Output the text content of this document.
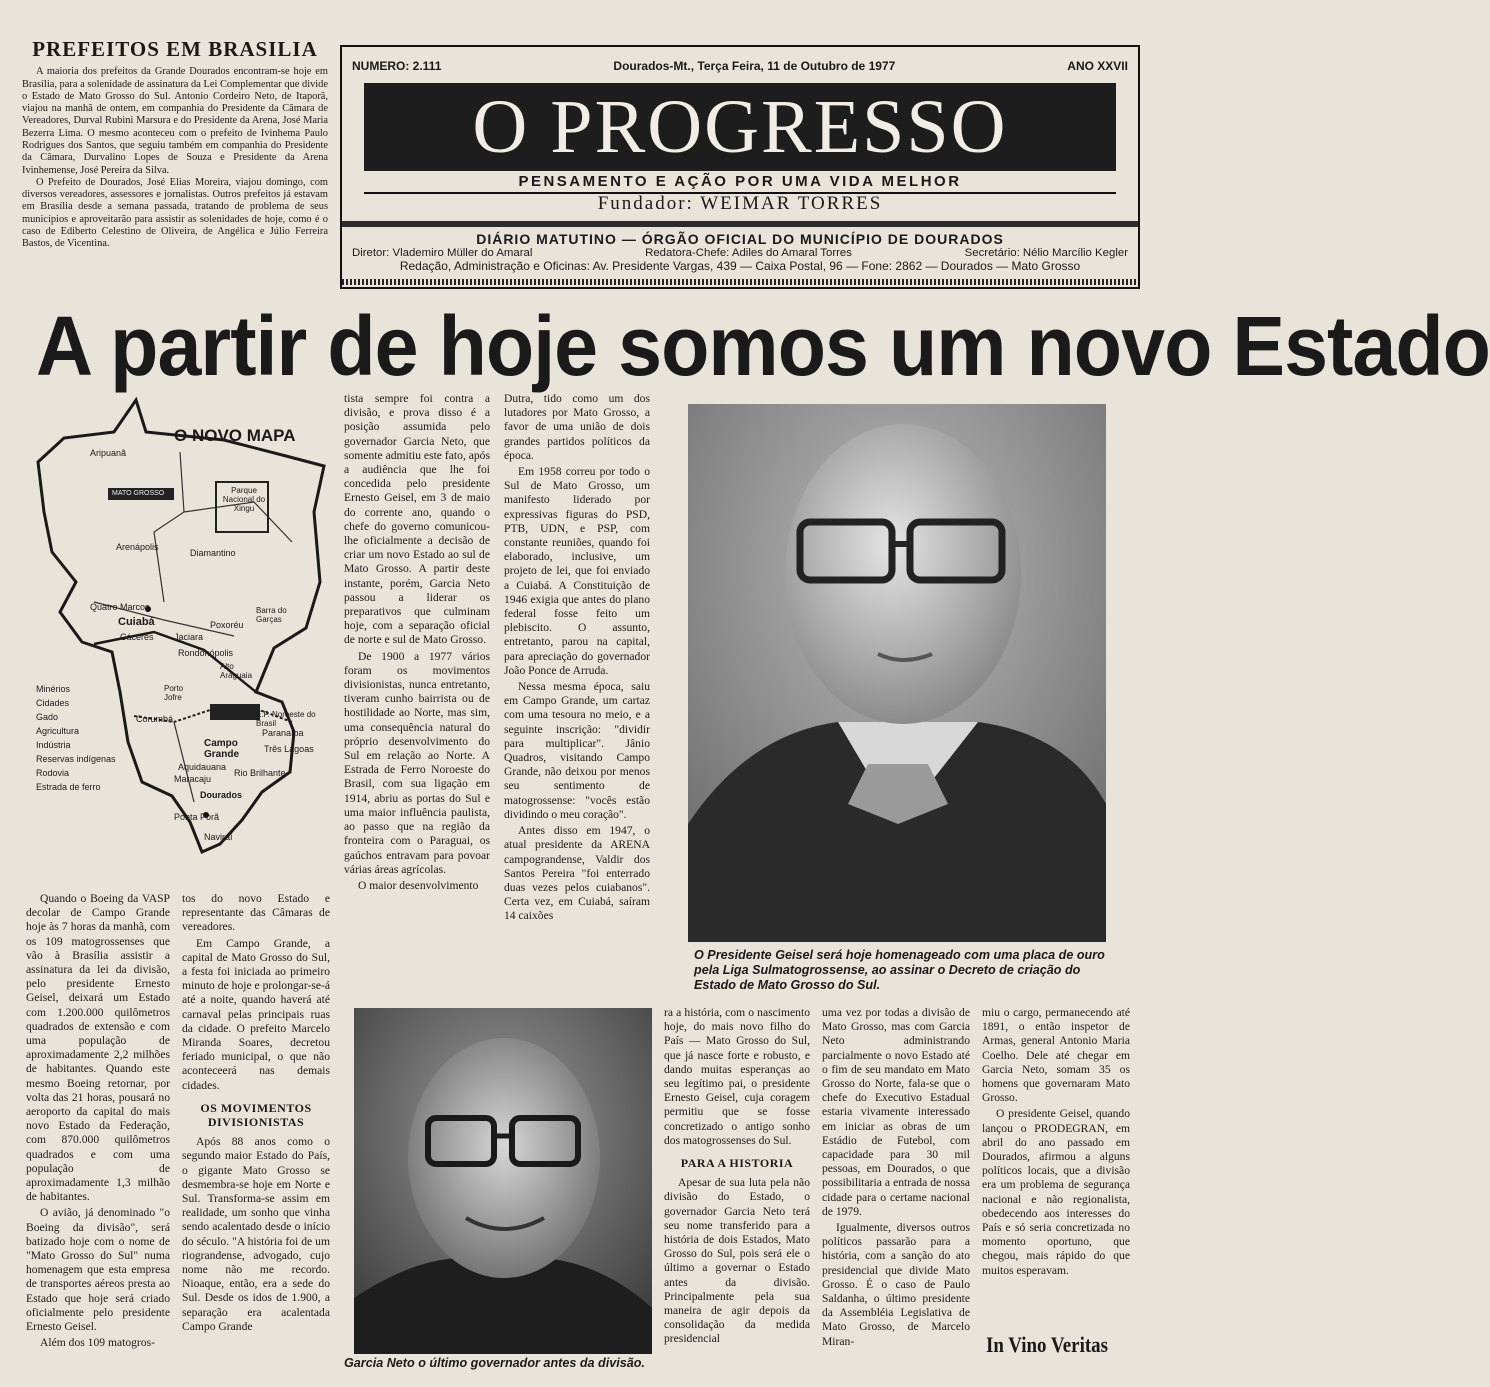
PREFEITOS EM BRASILIA

A maioria dos prefeitos da Grande Dourados encontram-se hoje em Brasília, para a solenidade de assinatura da Lei Complementar que divide o Estado de Mato Grosso do Sul. Antonio Cordeiro Neto, de Itaporã, viajou na manhã de ontem, em companhia do Presidente da Câmara de Vereadores, Durval Rubini Marsura e do Presidente da Arena, José Maria Bezerra Lima. O mesmo aconteceu com o prefeito de Ivinhema Paulo Rodrigues dos Santos, que seguiu também em companhia do Presidente da Câmara, Durvalino Lopes de Souza e Presidente da Arena Ivinhemense, José Pereira da Silva.

O Prefeito de Dourados, José Elias Moreira, viajou domingo, com diversos vereadores, assessores e jornalistas. Outros prefeitos já estavam em Brasília desde a semana passada, tratando de problema de seus municípios e aproveitarão para assistir as solenidades de hoje, como é o caso de Ediberto Celestino de Oliveira, de Angélica e Júlio Ferreira Bastos, de Vicentina.

NUMERO: 2.111	Dourados-Mt., Terça Feira, 11 de Outubro de 1977	ANO XXVII
O PROGRESSO
PENSAMENTO E AÇÃO POR UMA VIDA MELHOR
Fundador: WEIMAR TORRES
DIÁRIO MATUTINO — ÓRGÃO OFICIAL DO MUNICÍPIO DE DOURADOS
Diretor: Vlademiro Müller do Amaral	Redatora-Chefe: Adiles do Amaral Torres	Secretário: Nélio Marcílio Kegler
Redação, Administração e Oficinas: Av. Presidente Vargas, 439 — Caixa Postal, 96 — Fone: 2862 — Dourados — Mato Grosso
A partir de hoje somos um novo Estado
O NOVO MAPA
Aripuanã
MATO GROSSO	Parque Nacional do Xingu
Arenápolis
Diamantino
Quatro Marcos
Cuiabá
Barra do Garças
Cáceres Jaciara
Poxoréu
Rondonópolis
Alto Araguaia
Porto Jofre
Corumbá
Campo Grande
Paranaíba
Aquidauana
Três Lagoas
Rio Brilhante
Maracaju
Dourados
Ponta Porã
Naviraí
E.F. Noroeste do Brasil
Minérios
Cidades
Gado
Agricultura
Indústria
Reservas indígenas
Rodovia
Estrada de ferro

Quando o Boeing da VASP decolar de Campo Grande hoje às 7 horas da manhã, com os 109 matogrossenses que vão à Brasília assistir a assinatura da lei da divisão, pelo presidente Ernesto Geisel, deixará um Estado com 1.200.000 quilômetros quadrados de extensão e com uma população de aproximadamente 2,2 milhões de habitantes. Quando este mesmo Boeing retornar, por volta das 21 horas, pousará no aeroporto da capital do mais novo Estado da Federação, com 870.000 quilômetros quadrados e com uma população de aproximadamente 1,3 milhão de habitantes.

O avião, já denominado "o Boeing da divisão", será batizado hoje com o nome de "Mato Grosso do Sul" numa homenagem que esta empresa de transportes aéreos presta ao Estado que hoje será criado oficialmente pelo presidente Ernesto Geisel.

Além dos 109 matogros-

tos do novo Estado e representante das Câmaras de vereadores.

Em Campo Grande, a capital de Mato Grosso do Sul, a festa foi iniciada ao primeiro minuto de hoje e prolongar-se-á até a noite, quando haverá até carnaval pelas principais ruas da cidade. O prefeito Marcelo Miranda Soares, decretou feriado municipal, o que não aconteceerá nas demais cidades.

OS MOVIMENTOS DIVISIONISTAS

Após 88 anos como o segundo maior Estado do País, o gigante Mato Grosso se desmembra-se hoje em Norte e Sul. Transforma-se assim em realidade, um sonho que vinha sendo acalentado desde o início do século. "A história foi de um riograndense, advogado, cujo nome não me recordo. Nioaque, então, era a sede do Sul. Desde os idos de 1.900, a separação era acalentada Campo Grande

tista sempre foi contra a divisão, e prova disso é a posição assumida pelo governador Garcia Neto, que somente admitiu este fato, após a audiência que lhe foi concedida pelo presidente Ernesto Geisel, em 3 de maio do corrente ano, quando o chefe do governo comunicou-lhe oficialmente a decisão de criar um novo Estado ao sul de Mato Grosso. A partir deste instante, porém, Garcia Neto passou a liderar os preparativos que culminam hoje, com a separação oficial de norte e sul de Mato Grosso.

De 1900 a 1977 vários foram os movimentos divisionistas, nunca entretanto, tiveram cunho bairrista ou de hostilidade ao Norte, mas sim, uma consequência natural do próprio desenvolvimento do Sul em relação ao Norte. A Estrada de Ferro Noroeste do Brasil, com sua ligação em 1914, abriu as portas do Sul e uma maior influência paulista, ao passo que na região da fronteira com o Paraguai, os gaúchos entravam para povoar várias áreas agrícolas.

O maior desenvolvimento

Dutra, tido como um dos lutadores por Mato Grosso, a favor de uma união de dois grandes partidos políticos da época.

Em 1958 correu por todo o Sul de Mato Grosso, um manifesto liderado por expressivas figuras do PSD, PTB, UDN, e PSP, com constante reuniões, quando foi elaborado, inclusive, um projeto de lei, que foi enviado a Cuiabá. A Constituição de 1946 exigia que antes do plano federal fosse feito um plebiscito. O assunto, entretanto, parou na capital, para apreciação do governador João Ponce de Arruda.

Nessa mesma época, saiu em Campo Grande, um cartaz com uma tesoura no meio, e a seguinte inscrição: "dividir para multiplicar". Jânio Quadros, visitando Campo Grande, não deixou por menos seu sentimento de matogrossense: "vocês estão dividindo o meu coração".

Antes disso em 1947, o atual presidente da ARENA campograndense, Valdir dos Santos Pereira "foi enterrado duas vezes pelos cuiabanos". Certa vez, em Cuiabá, saíram 14 caixões

O Presidente Geisel será hoje homenageado com uma placa de ouro pela Liga Sulmatogrossense, ao assinar o Decreto de criação do Estado de Mato Grosso do Sul.
Garcia Neto o último governador antes da divisão.

ra a história, com o nascimento hoje, do mais novo filho do País — Mato Grosso do Sul, que já nasce forte e robusto, e dando muitas esperanças ao seu legítimo pai, o presidente Ernesto Geisel, cuja coragem permitiu que se fosse concretizado o antigo sonho dos matogrossenses do Sul.

PARA A HISTORIA

Apesar de sua luta pela não divisão do Estado, o governador Garcia Neto terá seu nome transferido para a história de dois Estados, Mato Grosso do Sul, pois será ele o último a governar o Estado antes da divisão. Principalmente pela sua maneira de agir depois da consolidação da medida presidencial

uma vez por todas a divisão de Mato Grosso, mas com Garcia Neto administrando parcialmente o novo Estado até o fim de seu mandato em Mato Grosso do Norte, fala-se que o chefe do Executivo Estadual estaria vivamente interessado em iniciar as obras de um Estádio de Futebol, com capacidade para 30 mil pessoas, em Dourados, o que possibilitaria a entrada de nossa cidade para o certame nacional de 1979.

Igualmente, diversos outros políticos passarão para a história, com a sanção do ato presidencial que divide Mato Grosso. É o caso de Paulo Saldanha, o último presidente da Assembléia Legislativa de Mato Grosso, de Marcelo Miran-

miu o cargo, permanecendo até 1891, o então inspetor de Armas, general Antonio Maria Coelho. Dele até chegar em Garcia Neto, somam 35 os homens que governaram Mato Grosso.

O presidente Geisel, quando lançou o PRODEGRAN, em abril do ano passado em Dourados, afirmou a alguns políticos locais, que a divisão era um problema de segurança nacional e não regionalista, obedecendo aos interesses do País e só seria concretizada no momento oportuno, que chegou, mais rápido do que muitos esperavam.

In Vino Veritas
